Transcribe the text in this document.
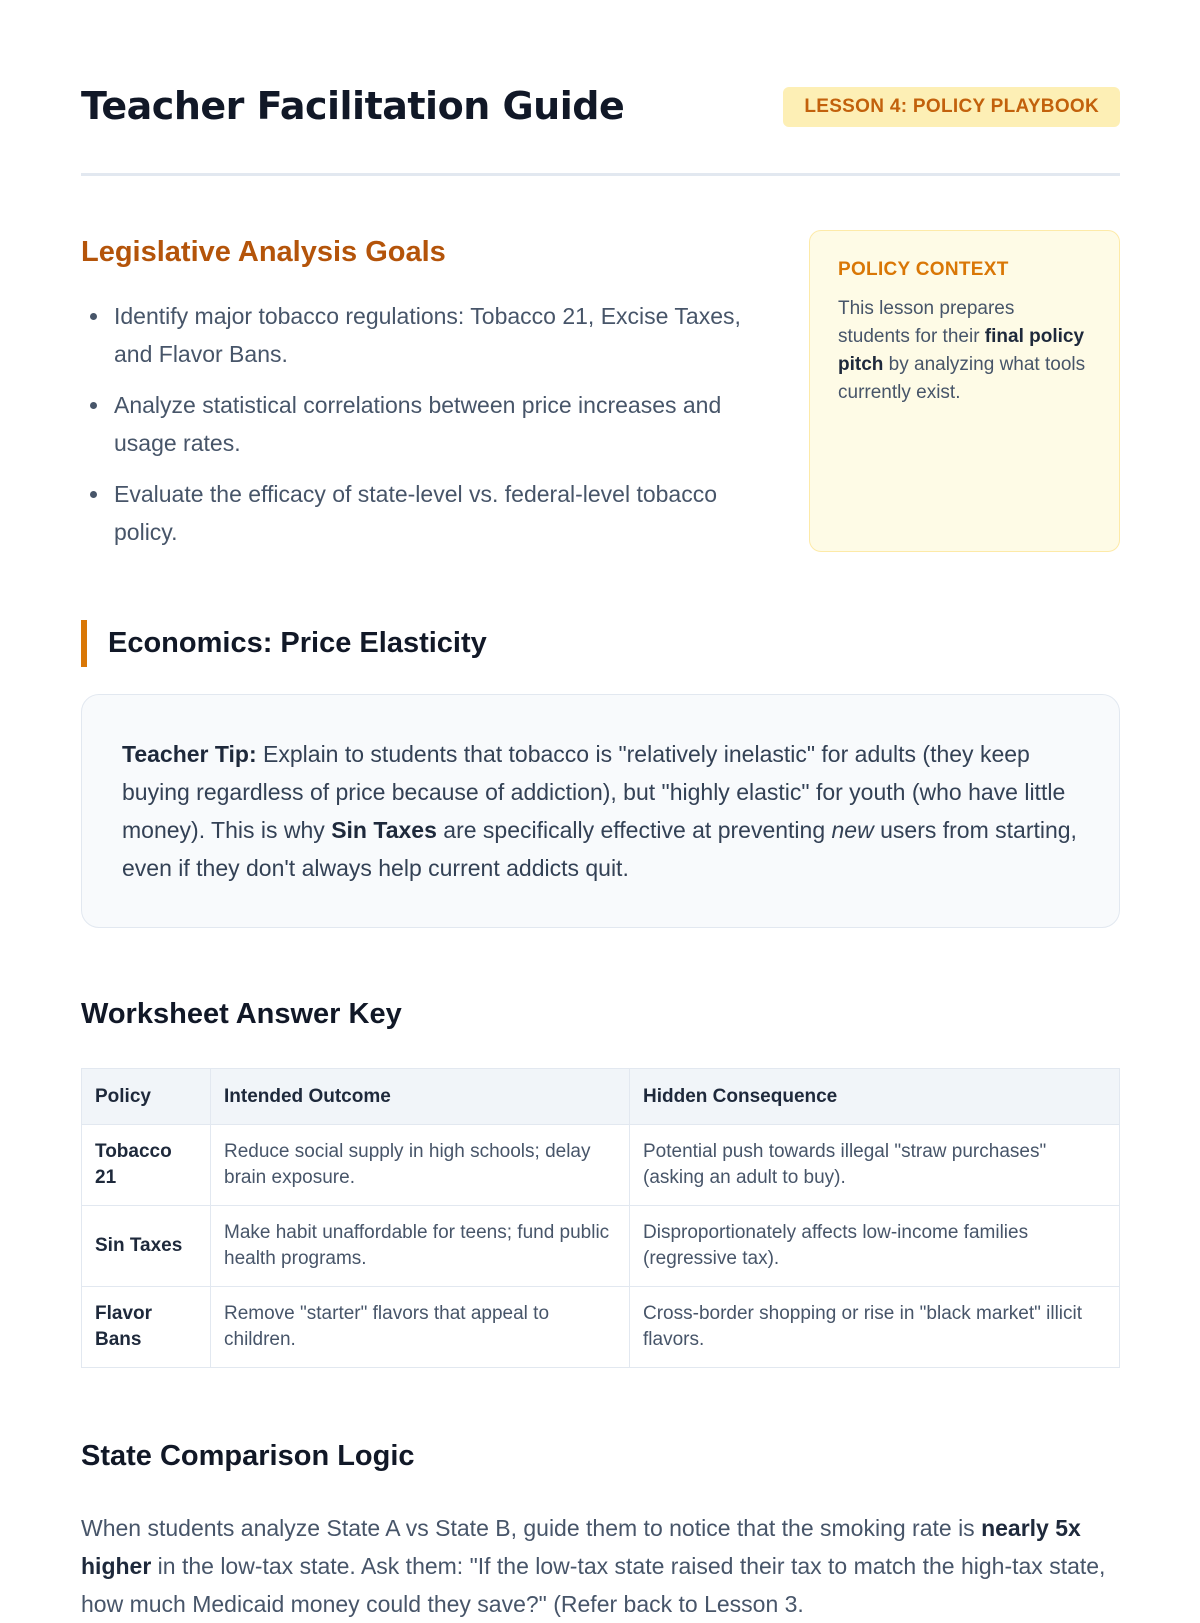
Teacher Facilitation Guide	LESSON 4: POLICY PLAYBOOK
Legislative Analysis Goals
Identify major tobacco regulations: Tobacco 21, Excise Taxes, and Flavor Bans.
Analyze statistical correlations between price increases and usage rates.
Evaluate the efficacy of state-level vs. federal-level tobacco policy.
POLICY CONTEXT

This lesson prepares students for their final policy pitch by analyzing what tools currently exist.

Economics: Price Elasticity

Teacher Tip: Explain to students that tobacco is "relatively inelastic" for adults (they keep buying regardless of price because of addiction), but "highly elastic" for youth (who have little money). This is why Sin Taxes are specifically effective at preventing new users from starting, even if they don't always help current addicts quit.

Worksheet Answer Key
Policy	Intended Outcome	Hidden Consequence
Tobacco 21	Reduce social supply in high schools; delay brain exposure.	Potential push towards illegal "straw purchases" (asking an adult to buy).
Sin Taxes	Make habit unaffordable for teens; fund public health programs.	Disproportionately affects low-income families (regressive tax).
Flavor Bans	Remove "starter" flavors that appeal to children.	Cross-border shopping or rise in "black market" illicit flavors.
State Comparison Logic

When students analyze State A vs State B, guide them to notice that the smoking rate is nearly 5x higher in the low-tax state. Ask them: "If the low-tax state raised their tax to match the high-tax state, how much Medicaid money could they save?" (Refer back to Lesson 3.
